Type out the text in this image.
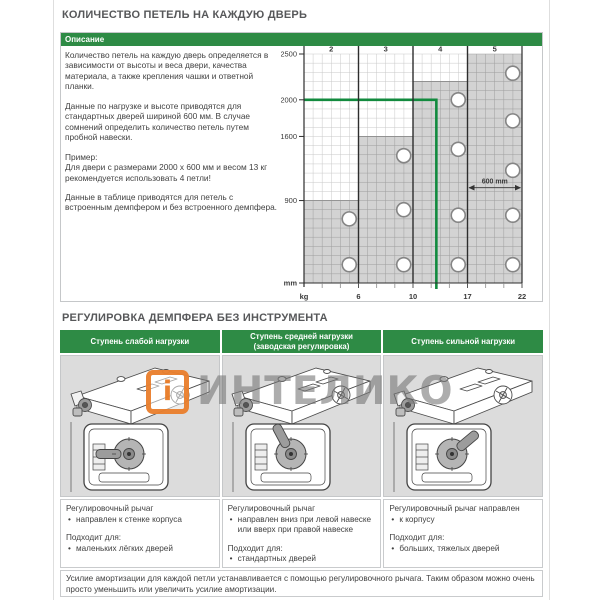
КОЛИЧЕСТВО ПЕТЕЛЬ НА КАЖДУЮ ДВЕРЬ
Описание

Количество петель на каждую дверь определяется в зависимости от высоты и веса двери, качества материала, а также крепления чашки и ответной планки.

Данные по нагрузке и высоте приводятся для стандартных дверей шириной 600 мм. В случае сомнений определить количество петель путем пробной навески.

Пример:
Для двери с размерами 2000 x 600 мм и весом 13 кг рекомендуется использовать 4 петли!

Данные в таблице приводятся для петель с встроенным демпфером и без встроенного демпфера.

600 mm
2500
2000
1600
900
mm
kg	6	10	17	22
2	3	4	5
РЕГУЛИРОВКА ДЕМПФЕРА БЕЗ ИНСТРУМЕНТА
Ступень слабой нагрузки
Регулировочный рычаг
• направлен к стенке корпуса
Подходит для:
• маленьких лёгких дверей
Ступень средней нагрузки
(заводская регулировка)
Регулировочный рычаг
• направлен вниз при левой навеске или вверх при правой навеске
Подходит для:
• стандартных дверей
Ступень сильной нагрузки
Регулировочный рычаг направлен
• к корпусу
Подходит для:
• больших, тяжелых дверей
i ИНТЕЛИКО
Усилие амортизации для каждой петли устанавливается с помощью регулировочного рычага. Таким образом можно очень просто уменьшить или увеличить усилие амортизации.
